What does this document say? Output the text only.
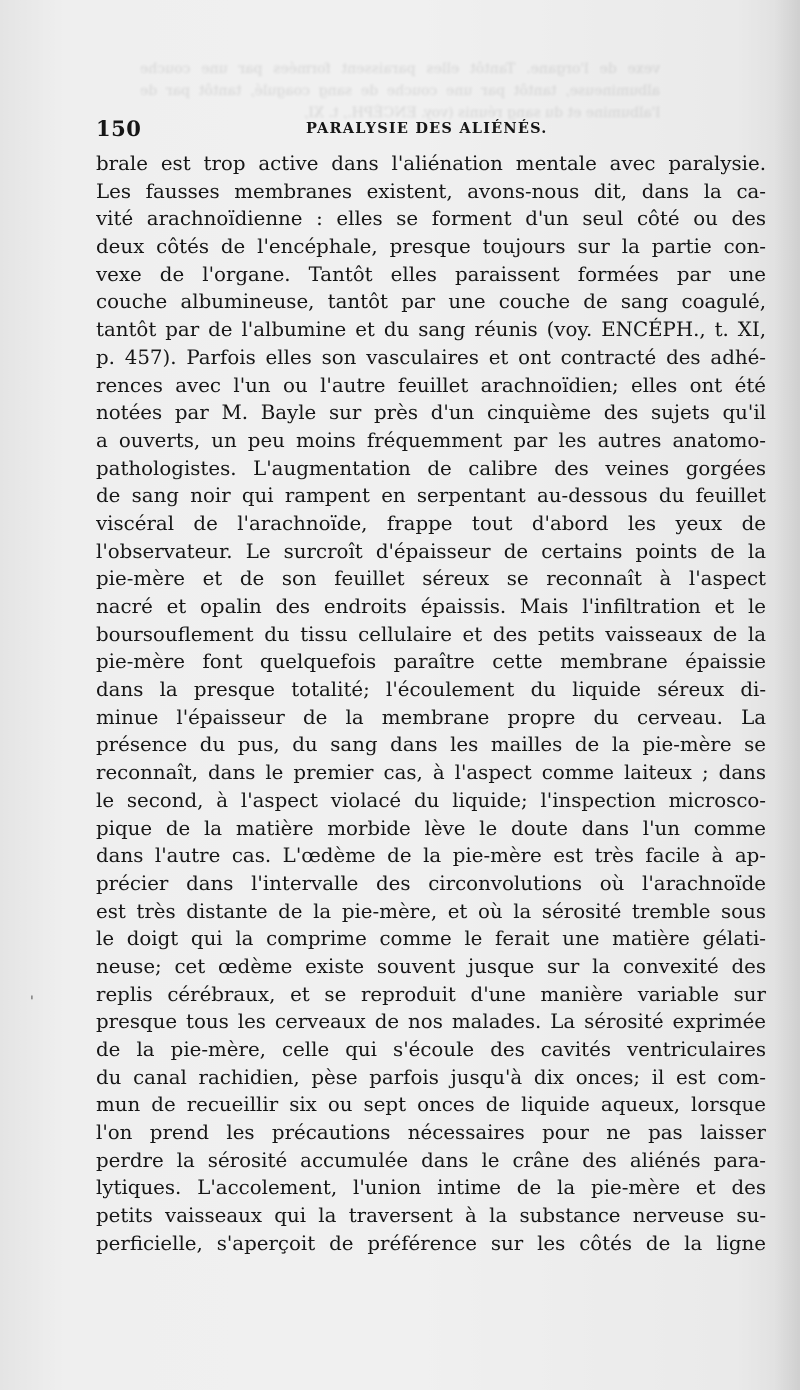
vexe de l'organe. Tantôt elles paraissent formées par une couche albumineuse, tantôt par une couche de sang coagulé, tantôt par de l'albumine et du sang réunis (voy. ENCÉPH., t. XI,
150	PARALYSIE DES ALIÉNÉS.
brale est trop active dans l'aliénation mentale avec paralysie.
Les fausses membranes existent, avons-nous dit, dans la ca-
vité arachnoïdienne : elles se forment d'un seul côté ou des
deux côtés de l'encéphale, presque toujours sur la partie con-
vexe de l'organe. Tantôt elles paraissent formées par une
couche albumineuse, tantôt par une couche de sang coagulé,
tantôt par de l'albumine et du sang réunis (voy. ENCÉPH., t. XI,
p. 457). Parfois elles son vasculaires et ont contracté des adhé-
rences avec l'un ou l'autre feuillet arachnoïdien; elles ont été
notées par M. Bayle sur près d'un cinquième des sujets qu'il
a ouverts, un peu moins fréquemment par les autres anatomo-
pathologistes. L'augmentation de calibre des veines gorgées
de sang noir qui rampent en serpentant au-dessous du feuillet
viscéral de l'arachnoïde, frappe tout d'abord les yeux de
l'observateur. Le surcroît d'épaisseur de certains points de la
pie-mère et de son feuillet séreux se reconnaît à l'aspect
nacré et opalin des endroits épaissis. Mais l'infiltration et le
boursouflement du tissu cellulaire et des petits vaisseaux de la
pie-mère font quelquefois paraître cette membrane épaissie
dans la presque totalité; l'écoulement du liquide séreux di-
minue l'épaisseur de la membrane propre du cerveau. La
présence du pus, du sang dans les mailles de la pie-mère se
reconnaît, dans le premier cas, à l'aspect comme laiteux ; dans
le second, à l'aspect violacé du liquide; l'inspection microsco-
pique de la matière morbide lève le doute dans l'un comme
dans l'autre cas. L'œdème de la pie-mère est très facile à ap-
précier dans l'intervalle des circonvolutions où l'arachnoïde
est très distante de la pie-mère, et où la sérosité tremble sous
le doigt qui la comprime comme le ferait une matière gélati-
neuse; cet œdème existe souvent jusque sur la convexité des
replis cérébraux, et se reproduit d'une manière variable sur
presque tous les cerveaux de nos malades. La sérosité exprimée
de la pie-mère, celle qui s'écoule des cavités ventriculaires
du canal rachidien, pèse parfois jusqu'à dix onces; il est com-
mun de recueillir six ou sept onces de liquide aqueux, lorsque
l'on prend les précautions nécessaires pour ne pas laisser
perdre la sérosité accumulée dans le crâne des aliénés para-
lytiques. L'accolement, l'union intime de la pie-mère et des
petits vaisseaux qui la traversent à la substance nerveuse su-
perficielle, s'aperçoit de préférence sur les côtés de la ligne
'
